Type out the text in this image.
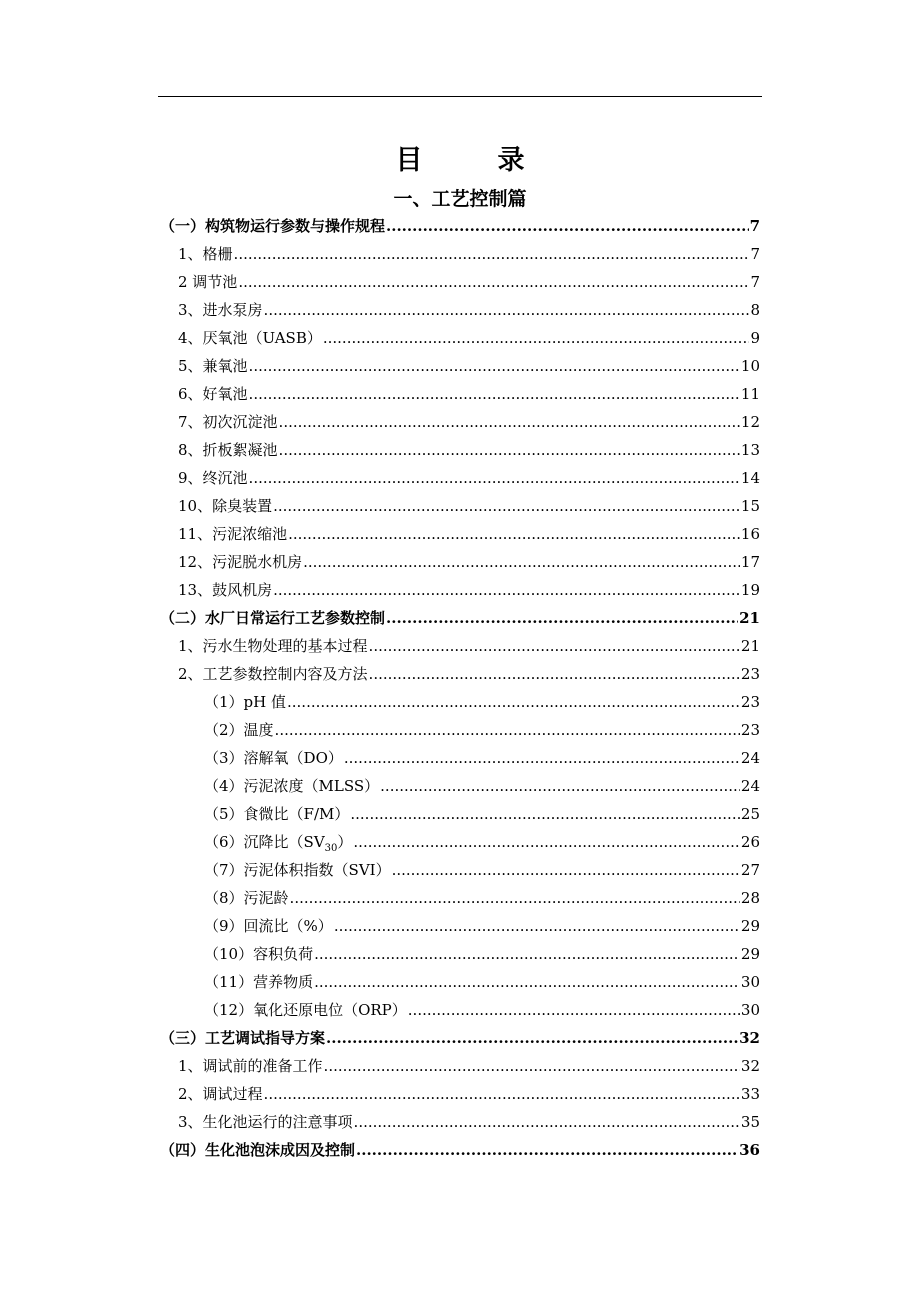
目　录
一、工艺控制篇
（一）构筑物运行参数与操作规程 .....	7
1、格栅 .....	7
2 调节池 .....	7
3、进水泵房 .....	8
4、厌氧池（UASB） .....	9
5、兼氧池 .....	10
6、好氧池 .....	11
7、初次沉淀池 .....	12
8、折板絮凝池 .....	13
9、终沉池 .....	14
10、除臭装置 .....	15
11、污泥浓缩池 .....	16
12、污泥脱水机房 .....	17
13、鼓风机房 .....	19
（二）水厂日常运行工艺参数控制 .....	21
1、污水生物处理的基本过程 .....	21
2、工艺参数控制内容及方法 .....	23
（1）pH 值 .....	23
（2）温度 .....	23
（3）溶解氧（DO） .....	24
（4）污泥浓度（MLSS） .....	24
（5）食微比（F/M） .....	25
（6）沉降比$(SV_{30})$ .....	26
（7）污泥体积指数（SVI） .....	27
（8）污泥龄 .....	28
（9）回流比（%） .....	29
（10）容积负荷 .....	29
（11）营养物质 .....	30
（12）氧化还原电位（ORP） .....	30
（三）工艺调试指导方案 .....	32
1、调试前的准备工作 .....	32
2、调试过程 .....	33
3、生化池运行的注意事项 .....	35
（四）生化池泡沫成因及控制 .....	36
